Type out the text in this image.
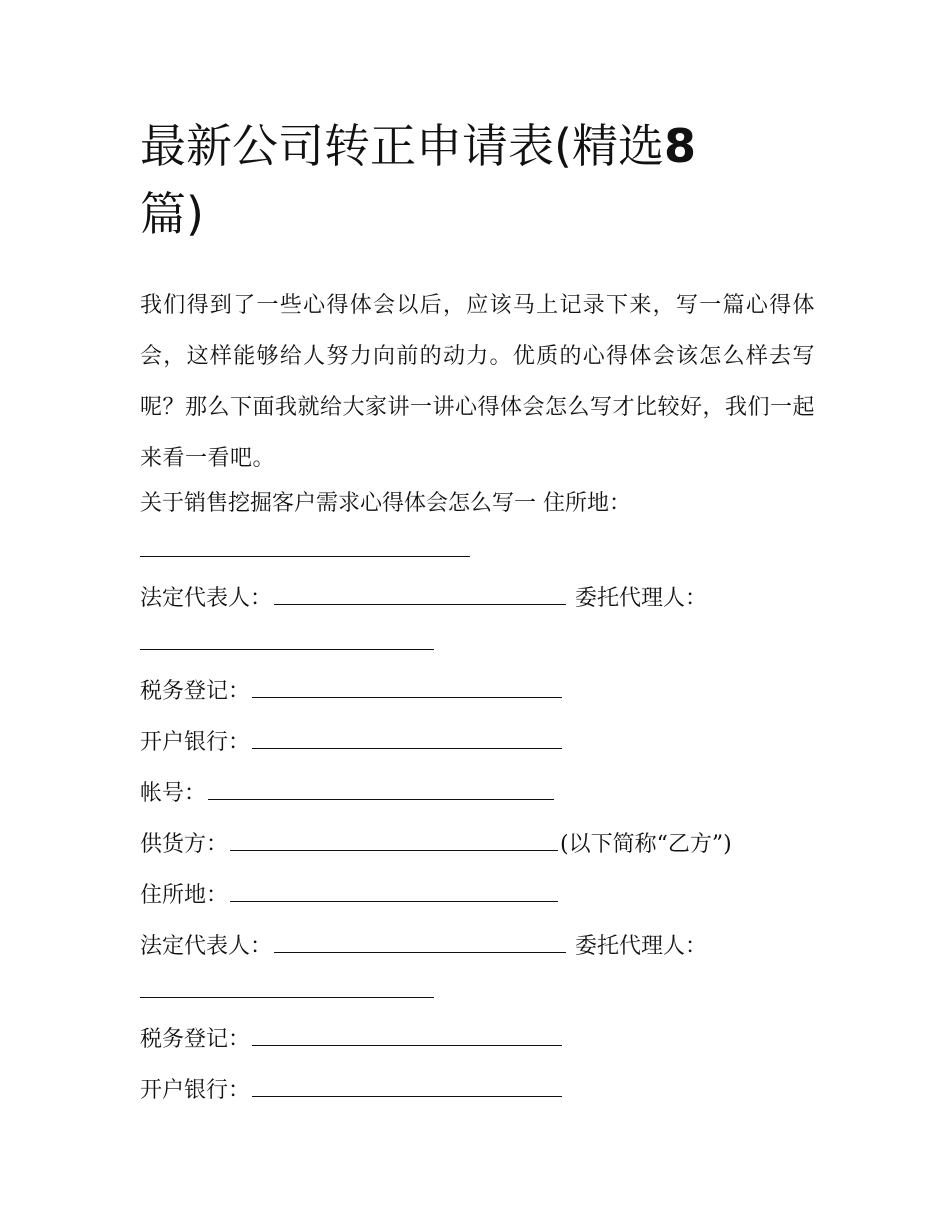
最新公司转正申请表(精选8
篇)

我们得到了一些心得体会以后，应该马上记录下来，写一篇心得体会，这样能够给人努力向前的动力。优质的心得体会该怎么样去写呢？那么下面我就给大家讲一讲心得体会怎么写才比较好，我们一起来看一看吧。

关于销售挖掘客户需求心得体会怎么写一 住所地：

法定代表人：	委托代理人：

税务登记：

开户银行：

帐号：

供货方：	(以下简称“乙方”)

住所地：

法定代表人：	委托代理人：

税务登记：

开户银行：
